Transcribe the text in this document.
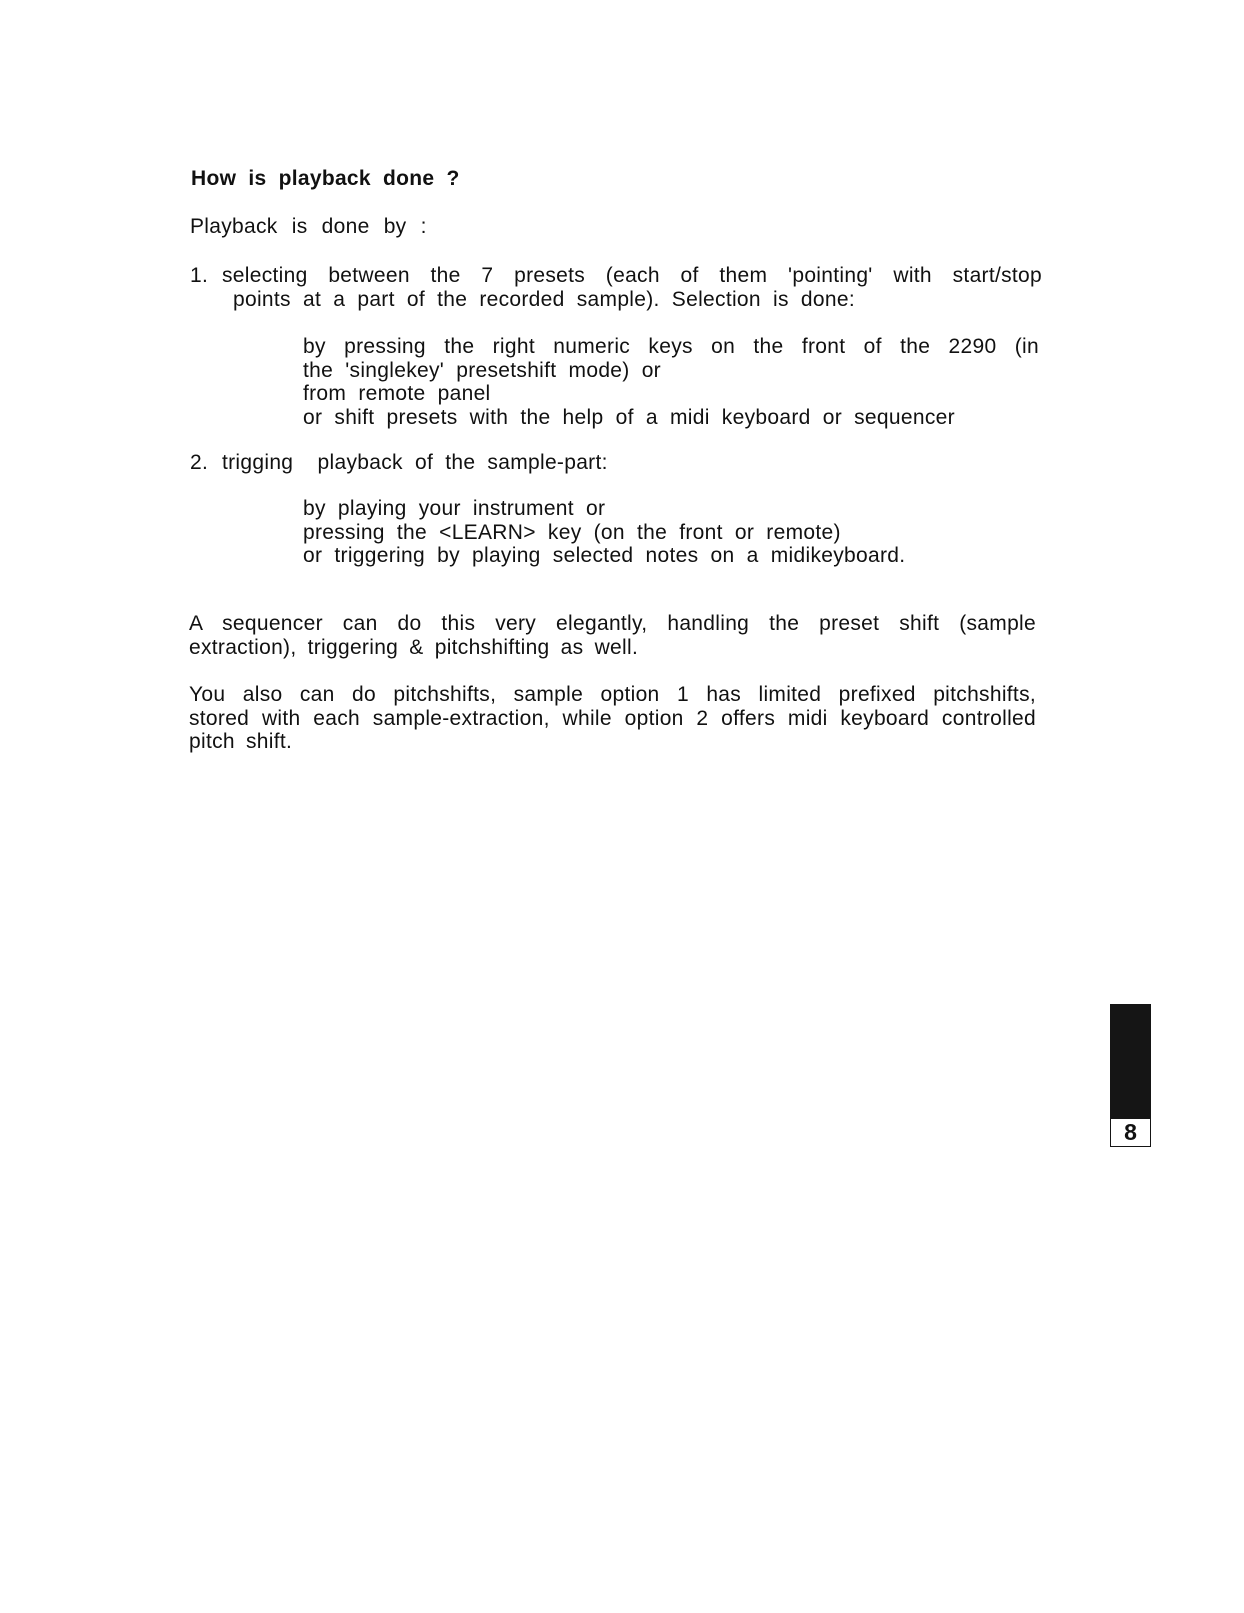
How is playback done ?
Playback is done by :
1. selecting between the 7 presets (each of them 'pointing' with start/stop
points at a part of the recorded sample). Selection is done:
by pressing the right numeric keys on the front of the 2290 (in
the 'singlekey' presetshift mode) or
from remote panel
or shift presets with the help of a midi keyboard or sequencer
2. trigging  playback of the sample-part:
by playing your instrument or
pressing the <LEARN> key (on the front or remote)
or triggering by playing selected notes on a midikeyboard.
A sequencer can do this very elegantly, handling the preset shift (sample extraction), triggering & pitchshifting as well.
You also can do pitchshifts, sample option 1 has limited prefixed pitchshifts, stored with each sample-extraction, while option 2 offers midi keyboard controlled pitch shift.
8
